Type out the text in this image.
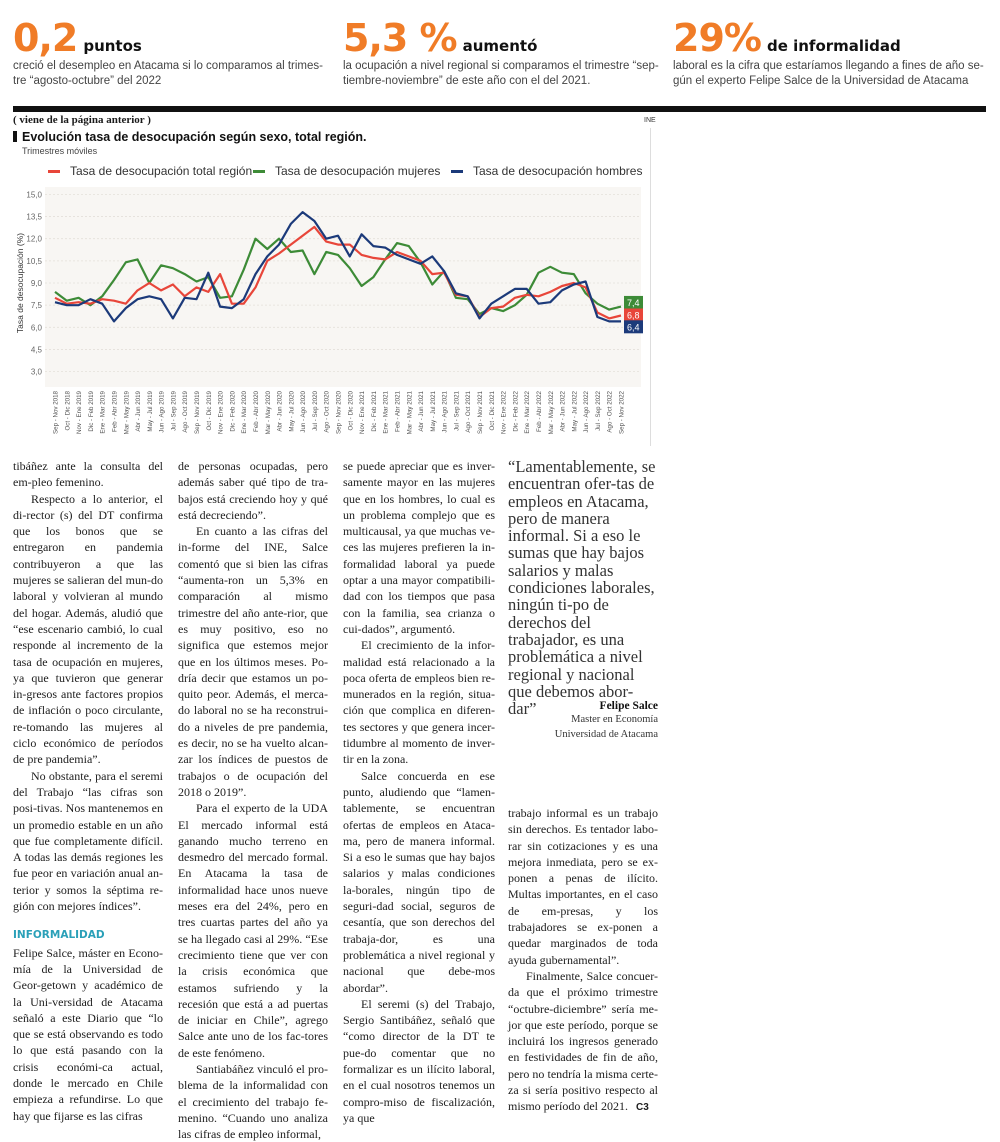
0,2 puntos
creció el desempleo en Atacama si lo comparamos al trimes-tre “agosto-octubre” del 2022
5,3 % aumentó
la ocupación a nivel regional si comparamos el trimestre “sep-tiembre-noviembre” de este año con el del 2021.
29% de informalidad
laboral es la cifra que estaríamos llegando a fines de año se-gún el experto Felipe Salce de la Universidad de Atacama
( viene de la página anterior )	INE
Evolución tasa de desocupación según sexo, total región.
Trimestres móviles
Tasa de desocupación total región Tasa de desocupación mujeres	Tasa de desocupación hombres
3,0
4,5
6,0
7,5
9,0
10,5
12,0
13,5
15,0
Tasa de desocupación (%)
Sep - Nov 2018 Oct - Dic 2018 Nov - Ene 2019 Dic - Feb 2019 Ene - Mar 2019 Feb - Abr 2019 Mar - May 2019 Abr - Jun 2019 May - Jul 2019 Jun - Ago 2019 Jul - Sep 2019 Ago - Oct 2019 Sep - Nov 2019 Oct - Dic 2019 Nov - Ene 2020 Dic - Feb 2020 Ene - Mar 2020 Feb - Abr 2020 Mar - May 2020 Abr - Jun 2020 May - Jul 2020 Jun - Ago 2020 Jul - Sep 2020 Ago - Oct 2020 Sep - Nov 2020 Oct - Dic 2020 Nov - Ene 2021 Dic - Feb 2021 Ene - Mar 2021 Feb - Abr 2021 Mar - May 2021 Abr - Jun 2021 May - Jul 2021 Jun - Ago 2021 Jul - Sep 2021 Ago - Oct 2021 Sep - Nov 2021 Oct - Dic 2021 Nov - Ene 2022 Dic - Feb 2022 Ene - Mar 2022 Feb - Abr 2022 Mar - May 2022 Abr - Jun 2022 May - Jul 2022 Jun - Ago 2022 Jul - Sep 2022 Ago - Oct 2022 Sep - Nov 2022
7,4
6,8
6,4

tibáñez ante la consulta del em-pleo femenino.

Respecto a lo anterior, el di-rector (s) del DT confirma que los bonos que se entregaron en pandemia contribuyeron a que las mujeres se salieran del mun-do laboral y volvieran al mundo del hogar. Además, aludió que “ese escenario cambió, lo cual responde al incremento de la tasa de ocupación en mujeres, ya que tuvieron que generar in-gresos ante factores propios de inflación o poco circulante, re-tomando las mujeres al ciclo económico de períodos de pre pandemia”.

No obstante, para el seremi del Trabajo “las cifras son posi-tivas. Nos mantenemos en un promedio estable en un año que fue completamente difícil. A todas las demás regiones les fue peor en variación anual an-terior y somos la séptima re-gión con mejores índices”.

INFORMALIDAD

Felipe Salce, máster en Econo-mía de la Universidad de Geor-getown y académico de la Uni-versidad de Atacama señaló a este Diario que “lo que se está observando es todo lo que está pasando con la crisis económi-ca actual, donde le mercado en Chile empieza a refundirse. Lo que hay que fijarse es las cifras

de personas ocupadas, pero además saber qué tipo de tra-bajos está creciendo hoy y qué está decreciendo”.

En cuanto a las cifras del in-forme del INE, Salce comentó que si bien las cifras “aumenta-ron un 5,3% en comparación al mismo trimestre del año ante-rior, que es muy positivo, eso no significa que estemos mejor que en los últimos meses. Po-dría decir que estamos un po-quito peor. Además, el merca-do laboral no se ha reconstrui-do a niveles de pre pandemia, es decir, no se ha vuelto alcan-zar los índices de puestos de trabajos o de ocupación del 2018 o 2019”.

Para el experto de la UDA El mercado informal está ganando mucho terreno en desmedro del mercado formal. En Atacama la tasa de informalidad hace unos nueve meses era del 24%, pero en tres cuartas partes del año ya se ha llegado casi al 29%. “Ese crecimiento tiene que ver con la crisis económica que estamos sufriendo y la recesión que está a ad puertas de iniciar en Chile”, agrego Salce ante uno de los fac-tores de este fenómeno.

Santiabáñez vinculó el pro-blema de la informalidad con el crecimiento del trabajo fe-menino. “Cuando uno analiza las cifras de empleo informal,

se puede apreciar que es inver-samente mayor en las mujeres que en los hombres, lo cual es un problema complejo que es multicausal, ya que muchas ve-ces las mujeres prefieren la in-formalidad laboral ya puede optar a una mayor compatibili-dad con los tiempos que pasa con la familia, sea crianza o cui-dados”, argumentó.

El crecimiento de la infor-malidad está relacionado a la poca oferta de empleos bien re-munerados en la región, situa-ción que complica en diferen-tes sectores y que genera incer-tidumbre al momento de inver-tir en la zona.

Salce concuerda en ese punto, aludiendo que “lamen-tablemente, se encuentran ofertas de empleos en Ataca-ma, pero de manera informal. Si a eso le sumas que hay bajos salarios y malas condiciones la-borales, ningún tipo de seguri-dad social, seguros de cesantía, que son derechos del trabaja-dor, es una problemática a nivel regional y nacional que debe-mos abordar”.

El seremi (s) del Trabajo, Sergio Santibáñez, señaló que “como director de la DT te pue-do comentar que no formalizar es un ilícito laboral, en el cual nosotros tenemos un compro-miso de fiscalización, ya que

“Lamentablemente, se encuentran ofer-tas de empleos en Atacama, pero de manera informal. Si a eso le sumas que hay bajos salarios y malas condiciones laborales, ningún ti-po de derechos del trabajador, es una problemática a nivel regional y nacional que debemos abor-dar”	Felipe Salce
Master en Economía
Universidad de Atacama

trabajo informal es un trabajo sin derechos. Es tentador labo-rar sin cotizaciones y es una mejora inmediata, pero se ex-ponen a penas de ilícito. Multas importantes, en el caso de em-presas, y los trabajadores se ex-ponen a quedar marginados de toda ayuda gubernamental”.

Finalmente, Salce concuer-da que el próximo trimestre “octubre-diciembre” sería me-jor que este período, porque se incluirá los ingresos generado en festividades de fin de año, pero no tendría la misma certe-za si sería positivo respecto al mismo período del 2021. C3
